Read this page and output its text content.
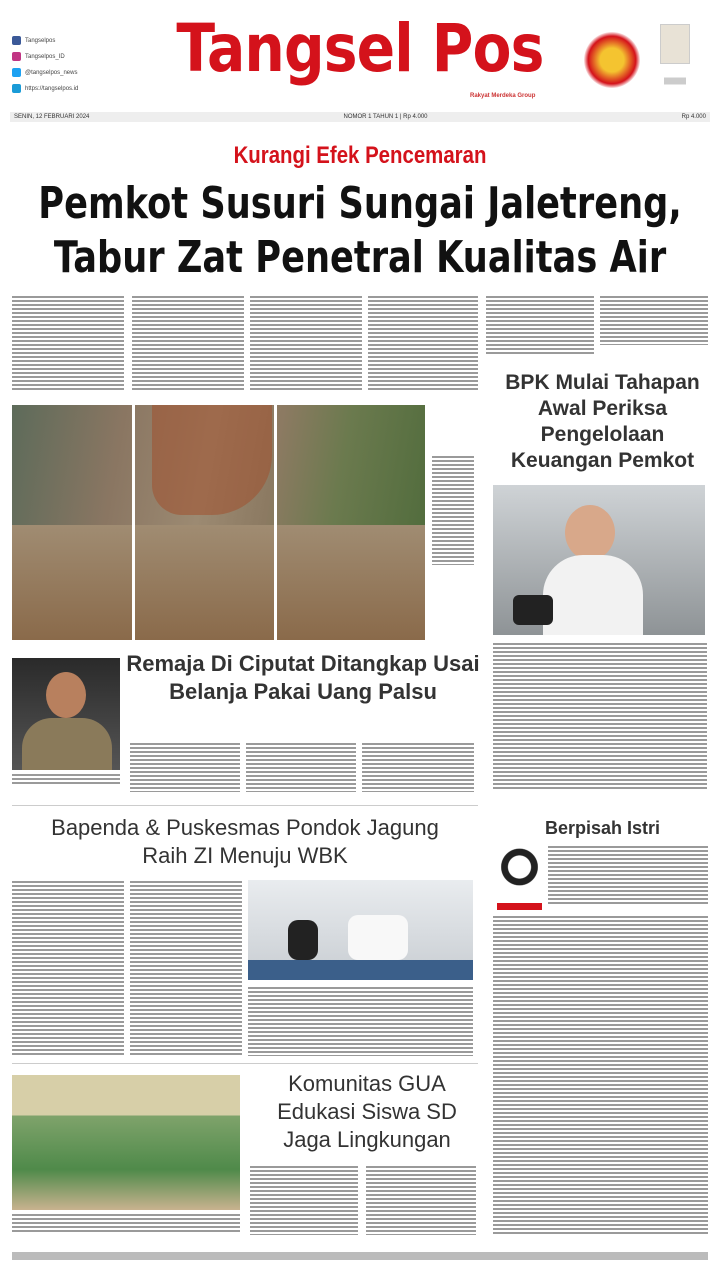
Tangselpos
Tangselpos_ID
@tangselpos_news
https://tangselpos.id
Tangsel Pos
Rakyat Merdeka Group
SENIN, 12 FEBRUARI 2024	NOMOR 1 TAHUN 1 | Rp 4.000	Rp 4.000
Kurangi Efek Pencemaran
Pemkot Susuri Sungai Jaletreng,
Tabur Zat Penetral Kualitas Air
BPK Mulai Tahapan Awal Periksa Pengelolaan Keuangan Pemkot
Remaja Di Ciputat Ditangkap Usai Belanja Pakai Uang Palsu
Bapenda & Puskesmas Pondok Jagung Raih ZI Menuju WBK
Berpisah Istri
Komunitas GUA Edukasi Siswa SD Jaga Lingkungan
